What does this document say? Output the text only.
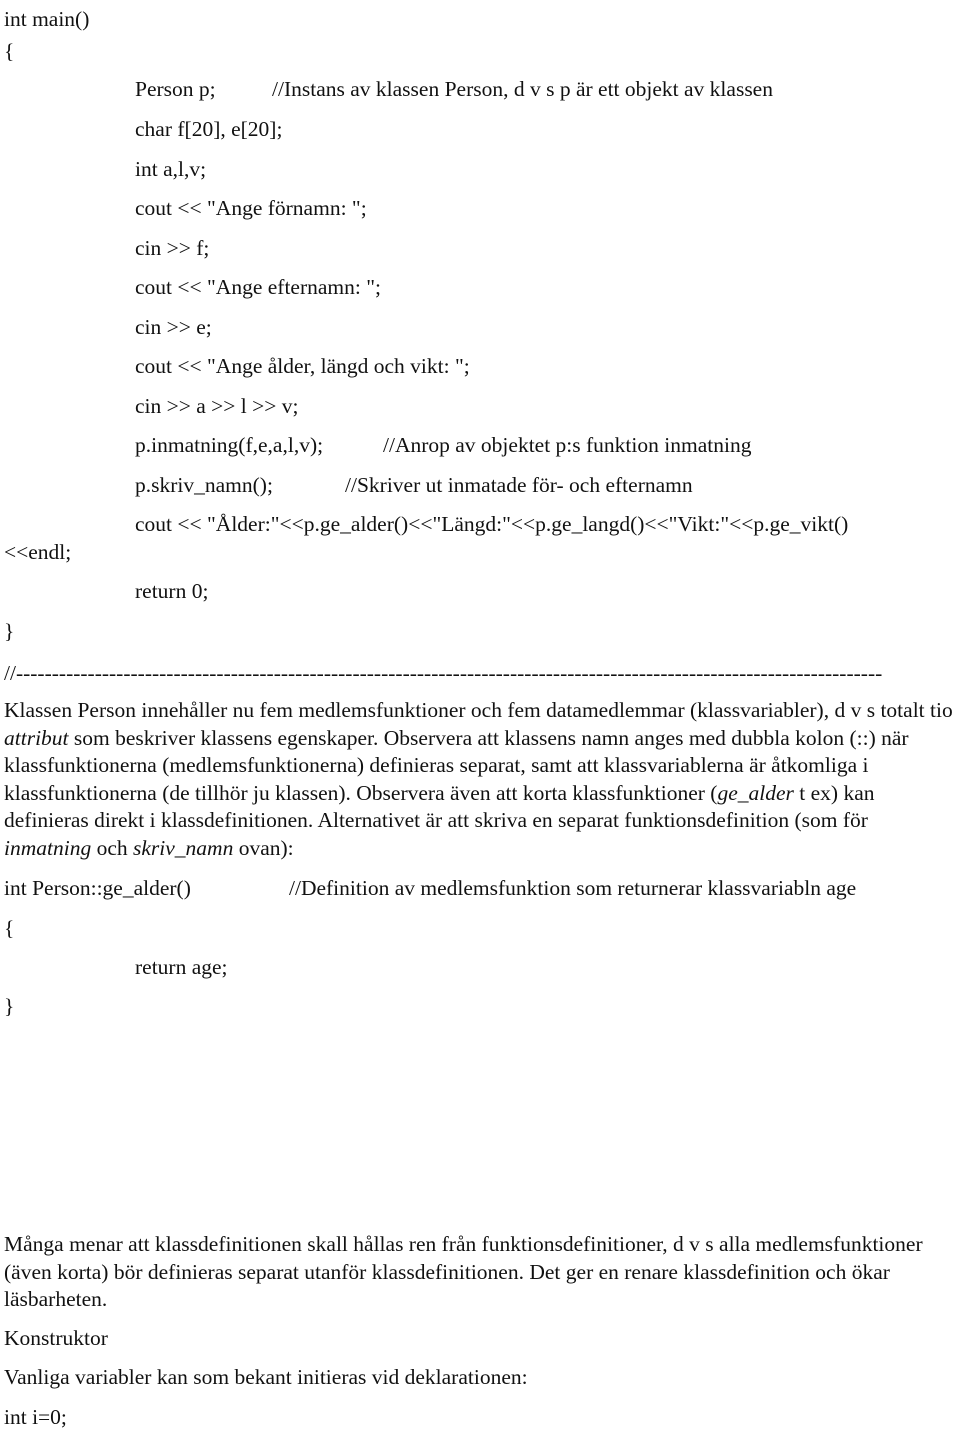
int main()
{
Person p;	//Instans av klassen Person, d v s p är ett objekt av klassen
char f[20], e[20];
int a,l,v;
cout << "Ange förnamn: ";
cin >> f;
cout << "Ange efternamn: ";
cin >> e;
cout << "Ange ålder, längd och vikt: ";
cin >> a >> l >> v;
p.inmatning(f,e,a,l,v);	//Anrop av objektet p:s funktion inmatning
p.skriv_namn();	//Skriver ut inmatade för- och efternamn
cout << "Ålder:"<<p.ge_alder()<<"Längd:"<<p.ge_langd()<<"Vikt:"<<p.ge_vikt()
<<endl;
return 0;
}
//-------------------------------------------------------------------------------------------------------------------------
Klassen Person innehåller nu fem medlemsfunktioner och fem datamedlemmar (klassvariabler), d v s totalt tio attribut som beskriver klassens egenskaper. Observera att klassens namn anges med dubbla kolon (::) när klassfunktionerna (medlemsfunktionerna) definieras separat, samt att klassvariablerna är åtkomliga i klassfunktionerna (de tillhör ju klassen). Observera även att korta klassfunktioner (ge_alder t ex) kan definieras direkt i klassdefinitionen. Alternativet är att skriva en separat funktionsdefinition (som för inmatning och skriv_namn ovan):
int Person::ge_alder()	//Definition av medlemsfunktion som returnerar klassvariabln age
{
return age;
}
Många menar att klassdefinitionen skall hållas ren från funktionsdefinitioner, d v s alla medlemsfunktioner (även korta) bör definieras separat utanför klassdefinitionen. Det ger en renare klassdefinition och ökar läsbarheten.
Konstruktor
Vanliga variabler kan som bekant initieras vid deklarationen:
int i=0;
